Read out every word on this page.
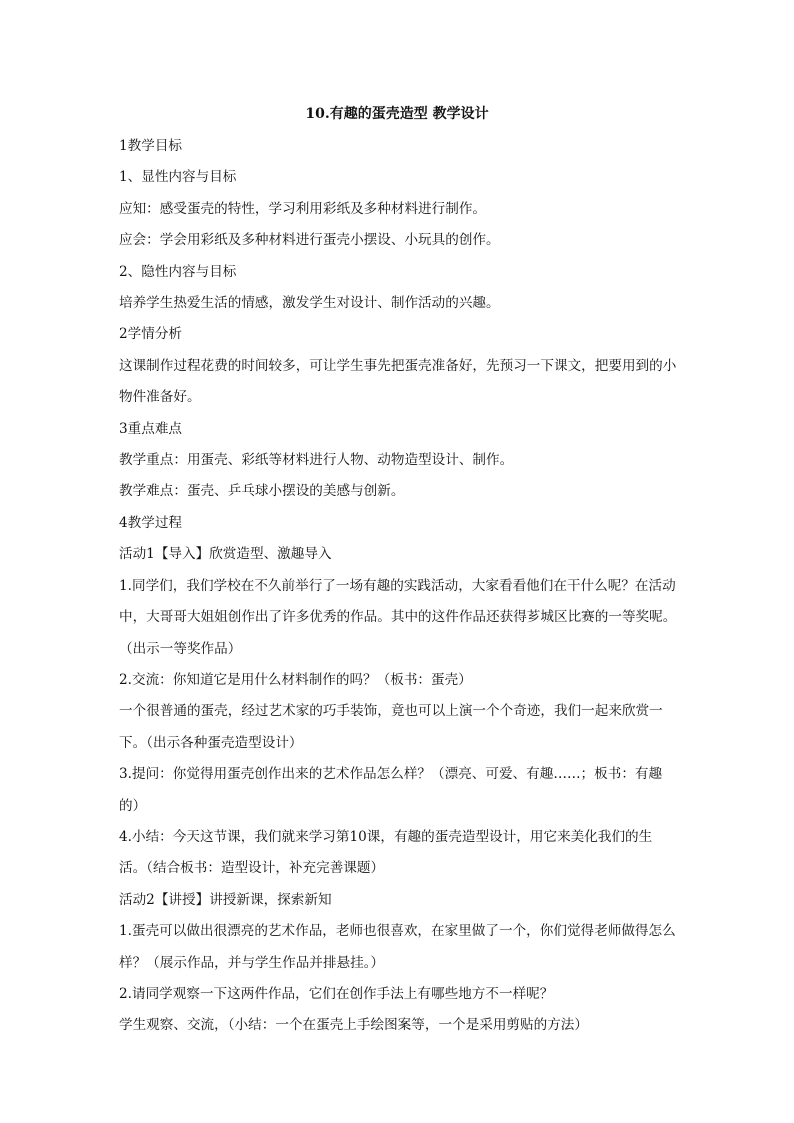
10.有趣的蛋壳造型 教学设计

1教学目标

1、显性内容与目标

应知：感受蛋壳的特性，学习利用彩纸及多种材料进行制作。

应会：学会用彩纸及多种材料进行蛋壳小摆设、小玩具的创作。

2、隐性内容与目标

培养学生热爱生活的情感，激发学生对设计、制作活动的兴趣。

2学情分析

这课制作过程花费的时间较多，可让学生事先把蛋壳准备好，先预习一下课文，把要用到的小物件准备好。

3重点难点

教学重点：用蛋壳、彩纸等材料进行人物、动物造型设计、制作。

教学难点：蛋壳、乒乓球小摆设的美感与创新。

4教学过程

活动1【导入】欣赏造型、激趣导入

1.同学们，我们学校在不久前举行了一场有趣的实践活动，大家看看他们在干什么呢？在活动中，大哥哥大姐姐创作出了许多优秀的作品。其中的这件作品还获得芗城区比赛的一等奖呢。（出示一等奖作品）

2.交流：你知道它是用什么材料制作的吗？（板书：蛋壳）

一个很普通的蛋壳，经过艺术家的巧手装饰，竟也可以上演一个个奇迹，我们一起来欣赏一下。（出示各种蛋壳造型设计）

3.提问：你觉得用蛋壳创作出来的艺术作品怎么样？（漂亮、可爱、有趣……；板书：有趣的）

4.小结：今天这节课，我们就来学习第10课，有趣的蛋壳造型设计，用它来美化我们的生活。（结合板书：造型设计，补充完善课题）

活动2【讲授】讲授新课，探索新知

1.蛋壳可以做出很漂亮的艺术作品，老师也很喜欢，在家里做了一个，你们觉得老师做得怎么样？（展示作品，并与学生作品并排悬挂。）

2.请同学观察一下这两件作品，它们在创作手法上有哪些地方不一样呢？

学生观察、交流，（小结：一个在蛋壳上手绘图案等，一个是采用剪贴的方法）
